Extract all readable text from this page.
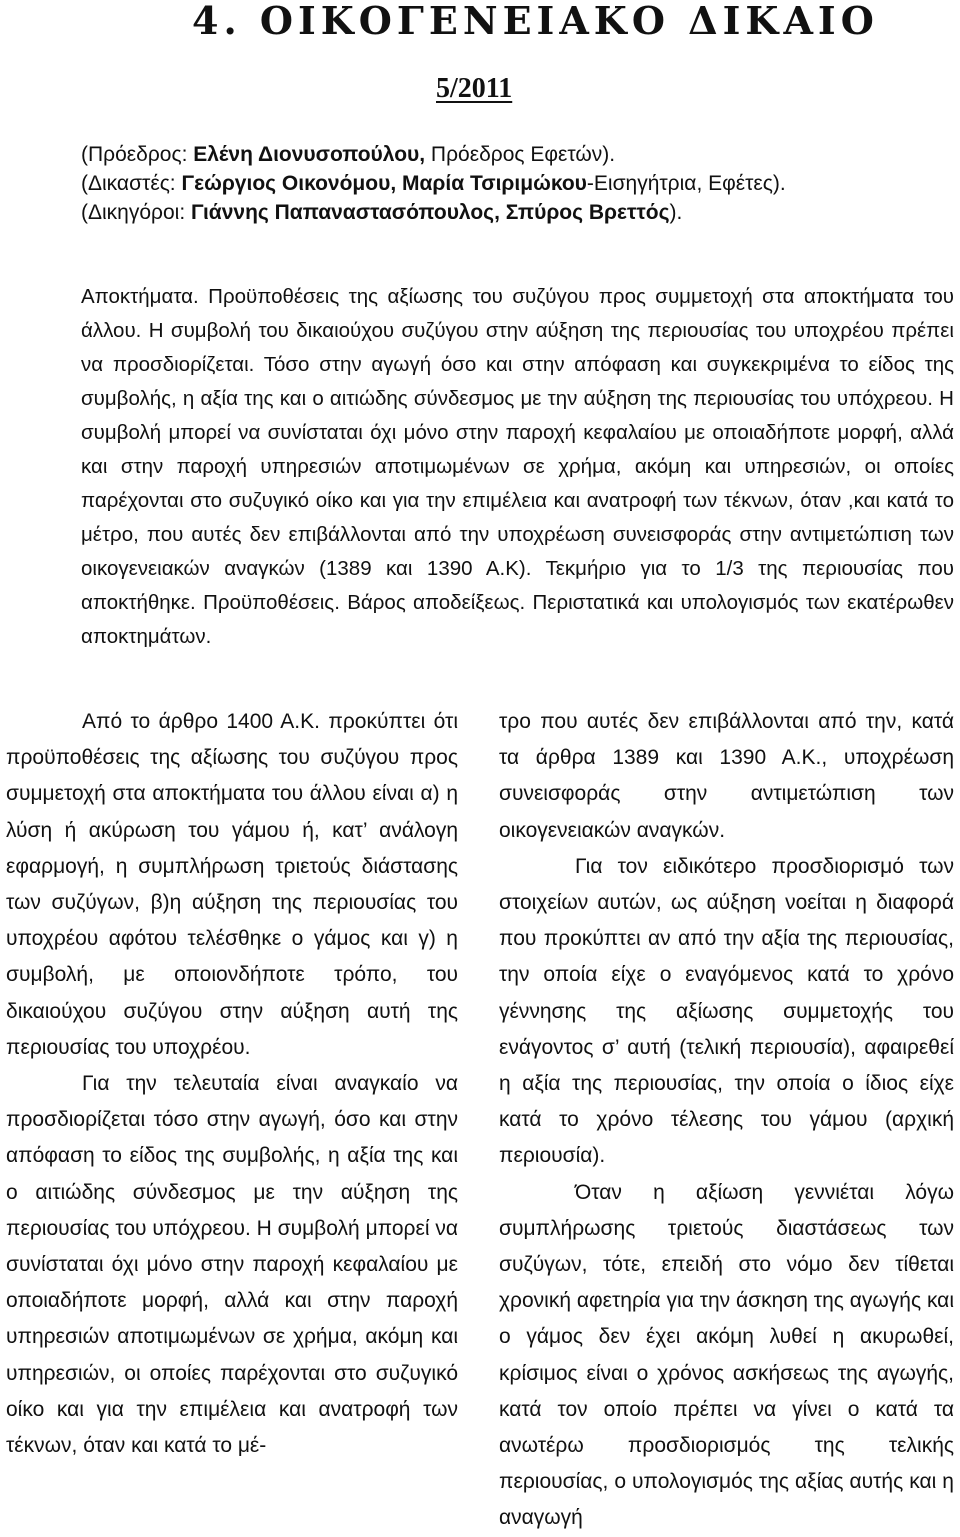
4. ΟΙΚΟΓΕΝΕΙΑΚΟ ΔΙΚΑΙΟ
5/2011
(Πρόεδρος: Ελένη Διονυσοπούλου, Πρόεδρος Εφετών).
(Δικαστές: Γεώργιος Οικονόμου, Μαρία Τσιριμώκου-Εισηγήτρια, Εφέτες).
(Δικηγόροι: Γιάννης Παπαναστασόπουλος, Σπύρος Βρεττός).

Αποκτήματα. Προϋποθέσεις της αξίωσης του συζύγου προς συμμετοχή στα αποκτήματα του άλλου. Η συμβολή του δικαιούχου συζύγου στην αύξηση της περιουσίας του υποχρέου πρέπει να προσδιορίζεται. Τόσο στην αγωγή όσο και στην απόφαση και συγκεκριμένα το είδος της συμβολής, η αξία της και ο αιτιώδης σύνδεσμος με την αύξηση της περιουσίας του υπόχρεου. Η συμβολή μπορεί να συνίσταται όχι μόνο στην παροχή κεφαλαίου με οποιαδήποτε μορφή, αλλά και στην παροχή υπηρεσιών αποτιμωμένων σε χρήμα, ακόμη και υπηρεσιών, οι οποίες παρέχονται στο συζυγικό οίκο και για την επιμέλεια και ανατροφή των τέκνων, όταν ,και κατά το μέτρο, που αυτές δεν επιβάλλονται από την υποχρέωση συνεισφοράς στην αντιμετώπιση των οικογενειακών αναγκών (1389 και 1390 Α.Κ). Τεκμήριο για το 1/3 της περιουσίας που αποκτήθηκε. Προϋποθέσεις. Βάρος αποδείξεως. Περιστατικά και υπολογισμός των εκατέρωθεν αποκτημάτων.

Από το άρθρο 1400 Α.Κ. προκύπτει ότι προϋποθέσεις της αξίωσης του συζύγου προς συμμετοχή στα αποκτήματα του άλλου είναι α) η λύση ή ακύρωση του γάμου ή, κατ’ ανάλογη εφαρμογή, η συμπλήρωση τριετούς διάστασης των συζύγων, β)η αύξηση της περιουσίας του υποχρέου αφότου τελέσθηκε ο γάμος και γ) η συμβολή, με οποιονδήποτε τρόπο, του δικαιούχου συζύγου στην αύξηση αυτή της περιουσίας του υποχρέου.

Για την τελευταία είναι αναγκαίο να προσδιορίζεται τόσο στην αγωγή, όσο και στην απόφαση το είδος της συμβολής, η αξία της και ο αιτιώδης σύνδεσμος με την αύξηση της περιουσίας του υπόχρεου. Η συμβολή μπορεί να συνίσταται όχι μόνο στην παροχή κεφαλαίου με οποιαδήποτε μορφή, αλλά και στην παροχή υπηρεσιών αποτιμωμένων σε χρήμα, ακόμη και υπηρεσιών, οι οποίες παρέχονται στο συζυγικό οίκο και για την επιμέλεια και ανατροφή των τέκνων, όταν και κατά το μέ-

τρο που αυτές δεν επιβάλλονται από την, κατά τα άρθρα 1389 και 1390 Α.Κ., υποχρέωση συνεισφοράς στην αντιμετώπιση των οικογενειακών αναγκών.

Για τον ειδικότερο προσδιορισμό των στοιχείων αυτών, ως αύξηση νοείται η διαφορά που προκύπτει αν από την αξία της περιουσίας, την οποία είχε ο εναγόμενος κατά το χρόνο γέννησης της αξίωσης συμμετοχής του ενάγοντος σ’ αυτή (τελική περιουσία), αφαιρεθεί η αξία της περιουσίας, την οποία ο ίδιος είχε κατά το χρόνο τέλεσης του γάμου (αρχική περιουσία).

Όταν η αξίωση γεννιέται λόγω συμπλήρωσης τριετούς διαστάσεως των συζύγων, τότε, επειδή στο νόμο δεν τίθεται χρονική αφετηρία για την άσκηση της αγωγής και ο γάμος δεν έχει ακόμη λυθεί η ακυρωθεί, κρίσιμος είναι ο χρόνος ασκήσεως της αγωγής, κατά τον οποίο πρέπει να γίνει ο κατά τα ανωτέρω προσδιορισμός της τελικής περιουσίας, ο υπολογισμός της αξίας αυτής και η αναγωγή
